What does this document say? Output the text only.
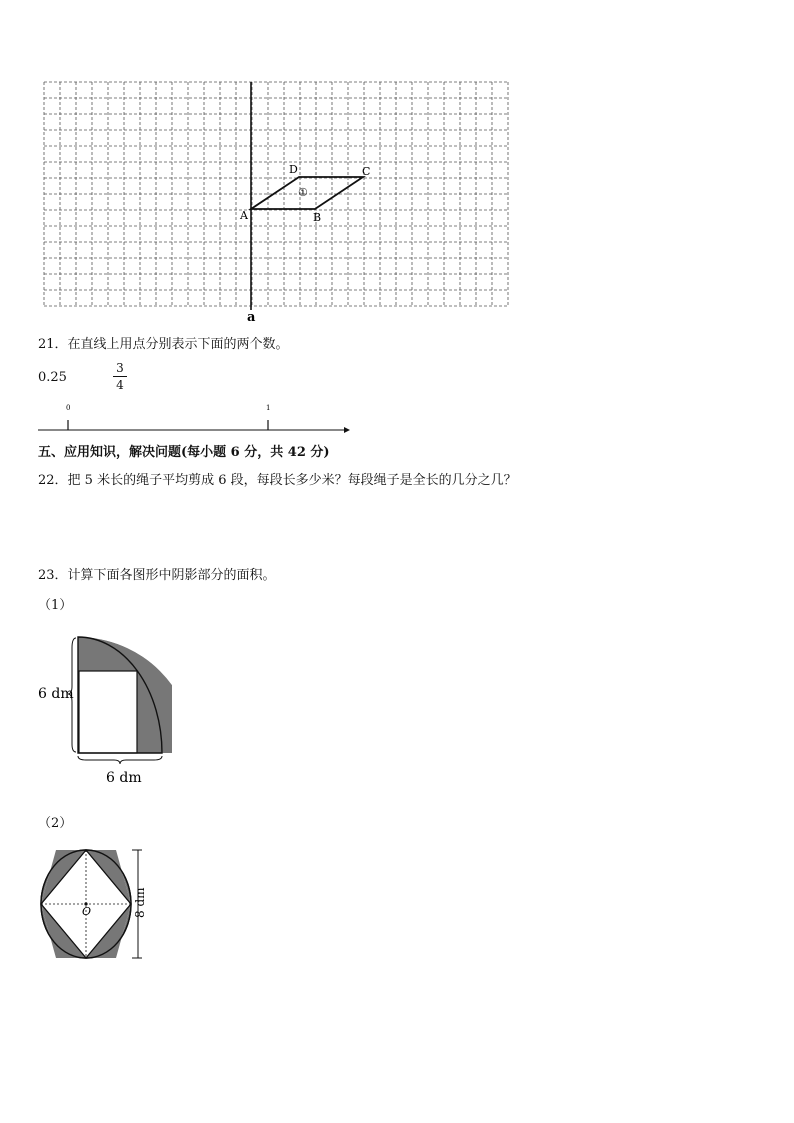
a
A	B
C
D
①
21．在直线上用点分别表示下面的两个数。
0.25
3
4
0	1
五、应用知识，解决问题(每小题 6 分，共 42 分)
22．把 5 米长的绳子平均剪成 6 段，每段长多少米？每段绳子是全长的几分之几？
23．计算下面各图形中阴影部分的面积。
（1）
6 dm
6 dm
（2）
O	8 dm
